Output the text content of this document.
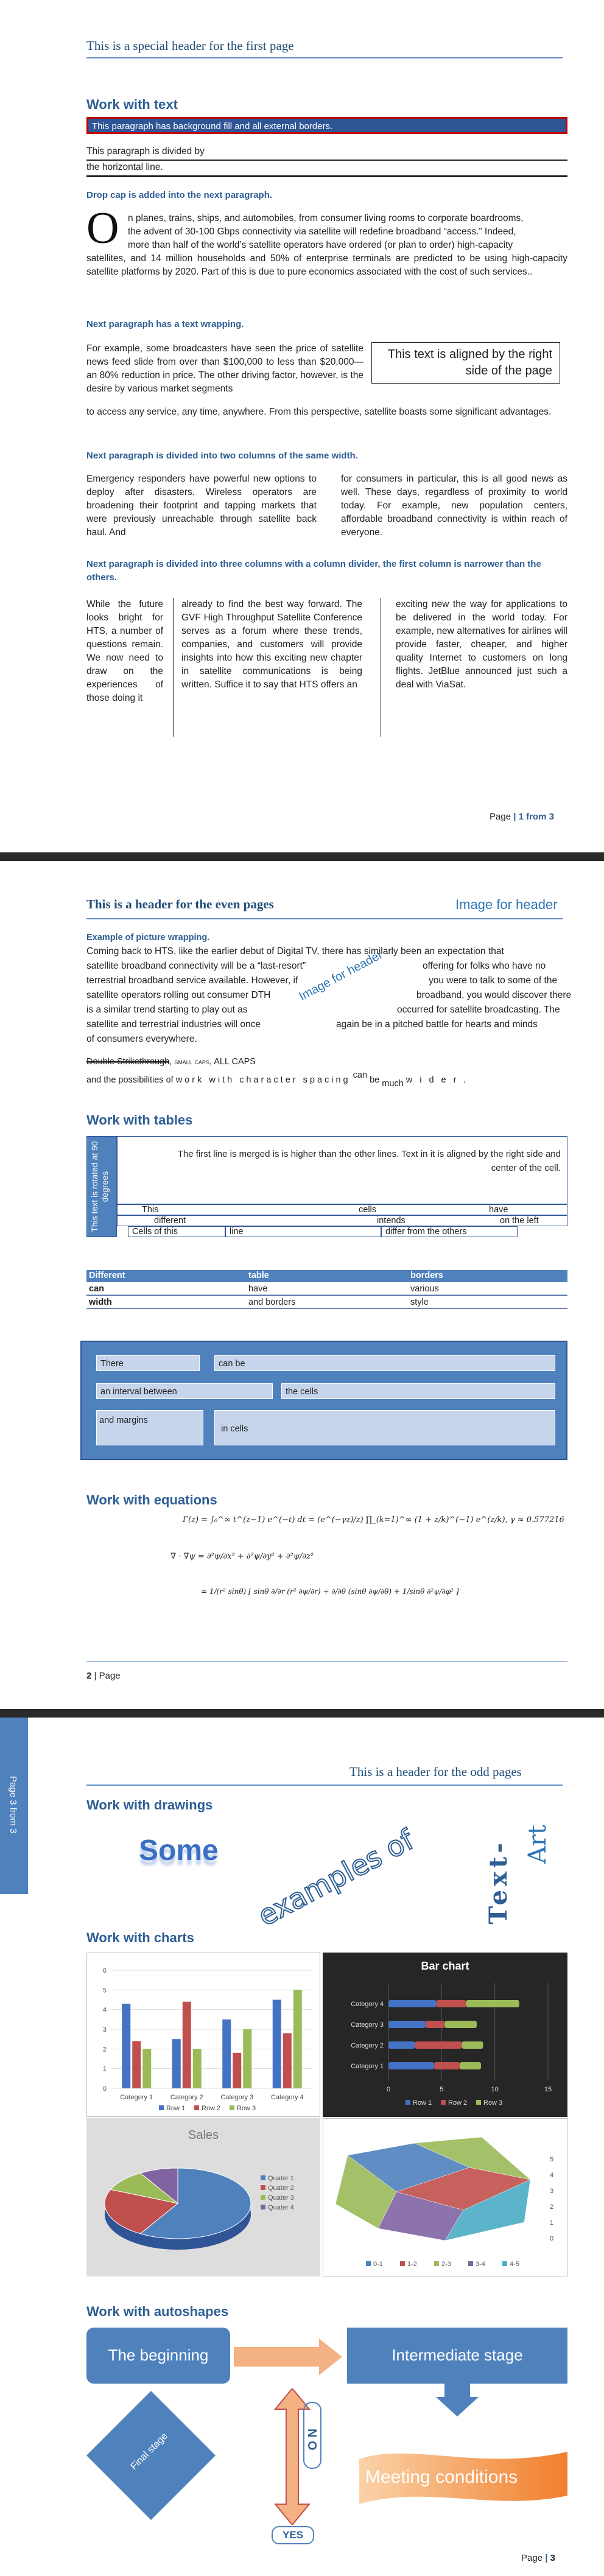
This is a special header for the first page
Work with text
This paragraph has background fill and all external borders.
This paragraph is divided by
the horizontal line.
Drop cap is added into the next paragraph.
O n planes, trains, ships, and automobiles, from consumer living rooms to corporate boardrooms,
the advent of 30-100 Gbps connectivity via satellite will redefine broadband “access.” Indeed,
more than half of the world’s satellite operators have ordered (or plan to order) high-capacity
satellites, and 14 million households and 50% of enterprise terminals are predicted to be using high-capacity satellite platforms by 2020. Part of this is due to pure economics associated with the cost of such services..
Next paragraph has a text wrapping.
This text is aligned by the right side of the page
For example, some broadcasters have seen the price of satellite news feed slide from over than $100,000 to less than $20,000—an 80% reduction in price. The other driving factor, however, is the desire by various market segments
to access any service, any time, anywhere. From this perspective, satellite boasts some significant advantages.
Next paragraph is divided into two columns of the same width.
Emergency responders have powerful new options to deploy after disasters. Wireless operators are broadening their footprint and tapping markets that were previously unreachable through satellite back haul. And
for consumers in particular, this is all good news as well. These days, regardless of proximity to world today. For example, new population centers, affordable broadband connectivity is within reach of everyone.
Next paragraph is divided into three columns with a column divider, the first column is narrower than the others.
While the future looks bright for HTS, a number of questions remain. We now need to draw on the experiences of those doing it
already to find the best way forward. The GVF High Throughput Satellite Conference serves as a forum where these trends, companies, and customers will provide insights into how this exciting new chapter in satellite communications is being written. Suffice it to say that HTS offers an
exciting new the way for applications to be delivered in the world today. For example, new alternatives for airlines will provide faster, cheaper, and higher quality Internet to customers on long flights. JetBlue announced just such a deal with ViaSat.
Page | 1 from 3
This is a header for the even pages	Image for header
Example of picture wrapping.
Coming back to HTS, like the earlier debut of Digital TV, there has similarly been an expectation that
satellite broadband connectivity will be a “last-resort”	offering for folks who have no
terrestrial broadband service available. However, if	you were to talk to some of the
satellite operators rolling out consumer DTH	broadband, you would discover there
is a similar trend starting to play out as	occurred for satellite broadcasting. The
satellite and terrestrial industries will once	again be in a pitched battle for hearts and minds
of consumers everywhere.
Image for header
Double Strikethrough, small caps, ALL CAPS
and the possibilities of work with character spacing can be much wider.
Work with tables
This text is rotated at 90 degrees
The first line is merged is is higher than the other lines. Text in it is aligned by the right side and center of the cell.
This	cells	have
different	intends	on the left
Cells of this	line	differ from the others
Different	table	borders
can	have	various
width	and borders	style
There	can be
an interval between	the cells
and margins
in cells
Work with equations
Γ(z) = ∫₀^∞ t^(z−1) e^(−t) dt = (e^(−γz)/z) ∏_(k=1)^∞ (1 + z/k)^(−1) e^(z/k), γ ≈ 0.577216
∇ · ∇ψ = ∂²ψ/∂x² + ∂²ψ/∂y² + ∂²ψ/∂z²
= 1/(r² sinθ) [ sinθ ∂/∂r (r² ∂ψ/∂r) + ∂/∂θ (sinθ ∂ψ/∂θ) + 1/sinθ ∂²ψ/∂φ² ]
2 | Page
Page 3 from 3
This is a header for the odd pages
Work with drawings
Some examples of	Text- Art
Work with charts
0
1
2
3
4
5
6
Category 1	Category 2	Category 3	Category 4
Row 1 Row 2 Row 3
Bar chart
0	5	10	15
Category 1
Category 2
Category 3
Category 4
Row 1 Row 2 Row 3
Sales
Quater 1
Quater 2
Quater 3
Quater 4
0
1
2
3
4
5
0-1	1-2	2-3	3-4	4-5
Work with autoshapes
The beginning	Intermediate stage
Final stage	N O
Meeting conditions
YES
Page | 3
